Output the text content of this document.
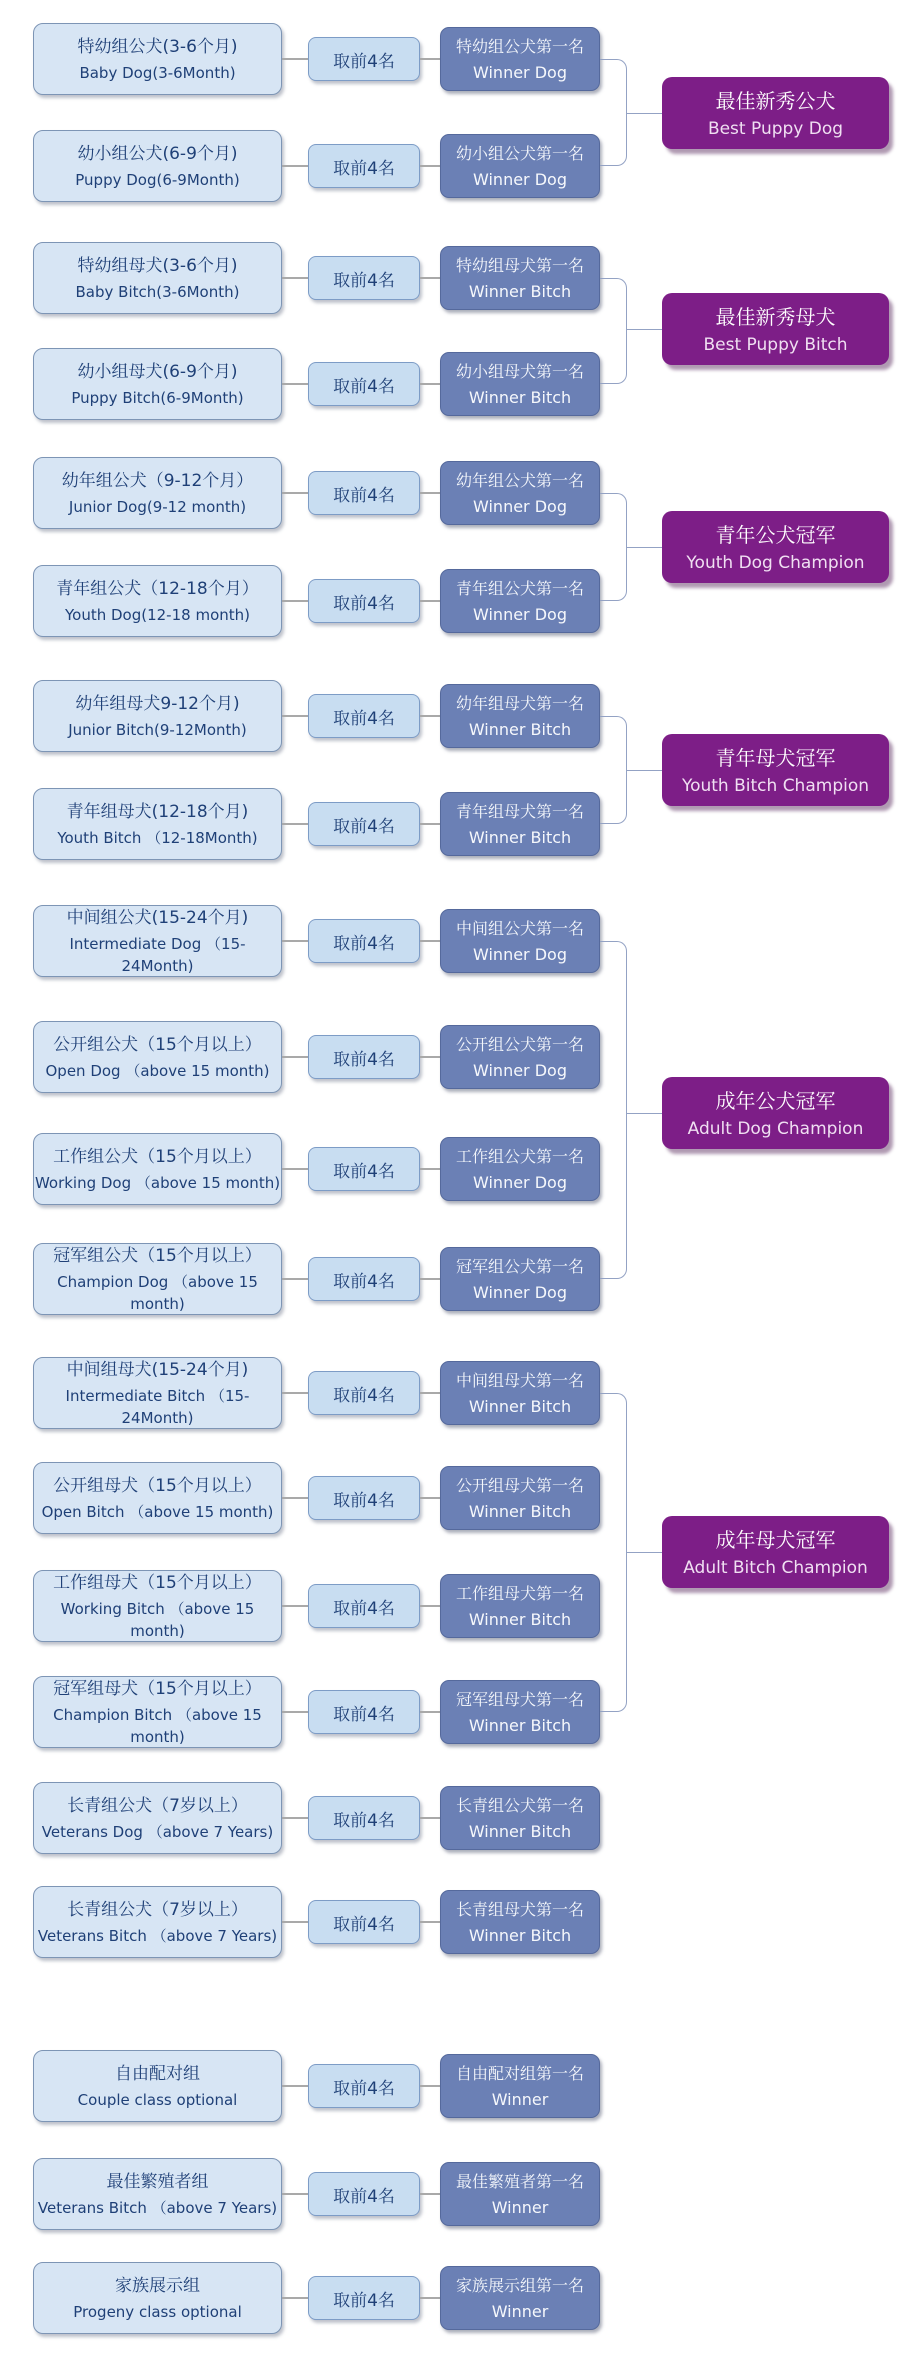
特幼组公犬(3-6个月)
Baby Dog(3-6Month)
取前4名
特幼组公犬第一名
Winner Dog
幼小组公犬(6-9个月)
Puppy Dog(6-9Month)
取前4名
幼小组公犬第一名
Winner Dog
最佳新秀公犬
Best Puppy Dog
特幼组母犬(3-6个月)
Baby Bitch(3-6Month)
取前4名
特幼组母犬第一名
Winner Bitch
幼小组母犬(6-9个月)
Puppy Bitch(6-9Month)
取前4名
幼小组母犬第一名
Winner Bitch
最佳新秀母犬
Best Puppy Bitch
幼年组公犬（9-12个月）
Junior Dog(9-12 month)
取前4名
幼年组公犬第一名
Winner Dog
青年组公犬（12-18个月）
Youth Dog(12-18 month)
取前4名
青年组公犬第一名
Winner Dog
青年公犬冠军
Youth Dog Champion
幼年组母犬9-12个月)
Junior Bitch(9-12Month)
取前4名
幼年组母犬第一名
Winner Bitch
青年组母犬(12-18个月)
Youth Bitch （12-18Month)
取前4名
青年组母犬第一名
Winner Bitch
青年母犬冠军
Youth Bitch Champion
中间组公犬(15-24个月)
Intermediate Dog （15-24Month)
取前4名
中间组公犬第一名
Winner Dog
公开组公犬（15个月以上）
Open Dog （above 15 month)
取前4名
公开组公犬第一名
Winner Dog
工作组公犬（15个月以上）
Working Dog （above 15 month)
取前4名
工作组公犬第一名
Winner Dog
冠军组公犬（15个月以上）
Champion Dog （above 15 month)
取前4名
冠军组公犬第一名
Winner Dog
成年公犬冠军
Adult Dog Champion
中间组母犬(15-24个月)
Intermediate Bitch （15-24Month)
取前4名
中间组母犬第一名
Winner Bitch
公开组母犬（15个月以上）
Open Bitch （above 15 month)
取前4名
公开组母犬第一名
Winner Bitch
工作组母犬（15个月以上）
Working Bitch （above 15 month)
取前4名
工作组母犬第一名
Winner Bitch
冠军组母犬（15个月以上）
Champion Bitch （above 15 month)
取前4名
冠军组母犬第一名
Winner Bitch
成年母犬冠军
Adult Bitch Champion
长青组公犬（7岁以上）
Veterans Dog （above 7 Years)
取前4名
长青组公犬第一名
Winner Bitch
长青组公犬（7岁以上）
Veterans Bitch （above 7 Years)
取前4名
长青组母犬第一名
Winner Bitch
自由配对组
Couple class optional
取前4名
自由配对组第一名
Winner
最佳繁殖者组
Veterans Bitch （above 7 Years)
取前4名
最佳繁殖者第一名
Winner
家族展示组
Progeny class optional
取前4名
家族展示组第一名
Winner
